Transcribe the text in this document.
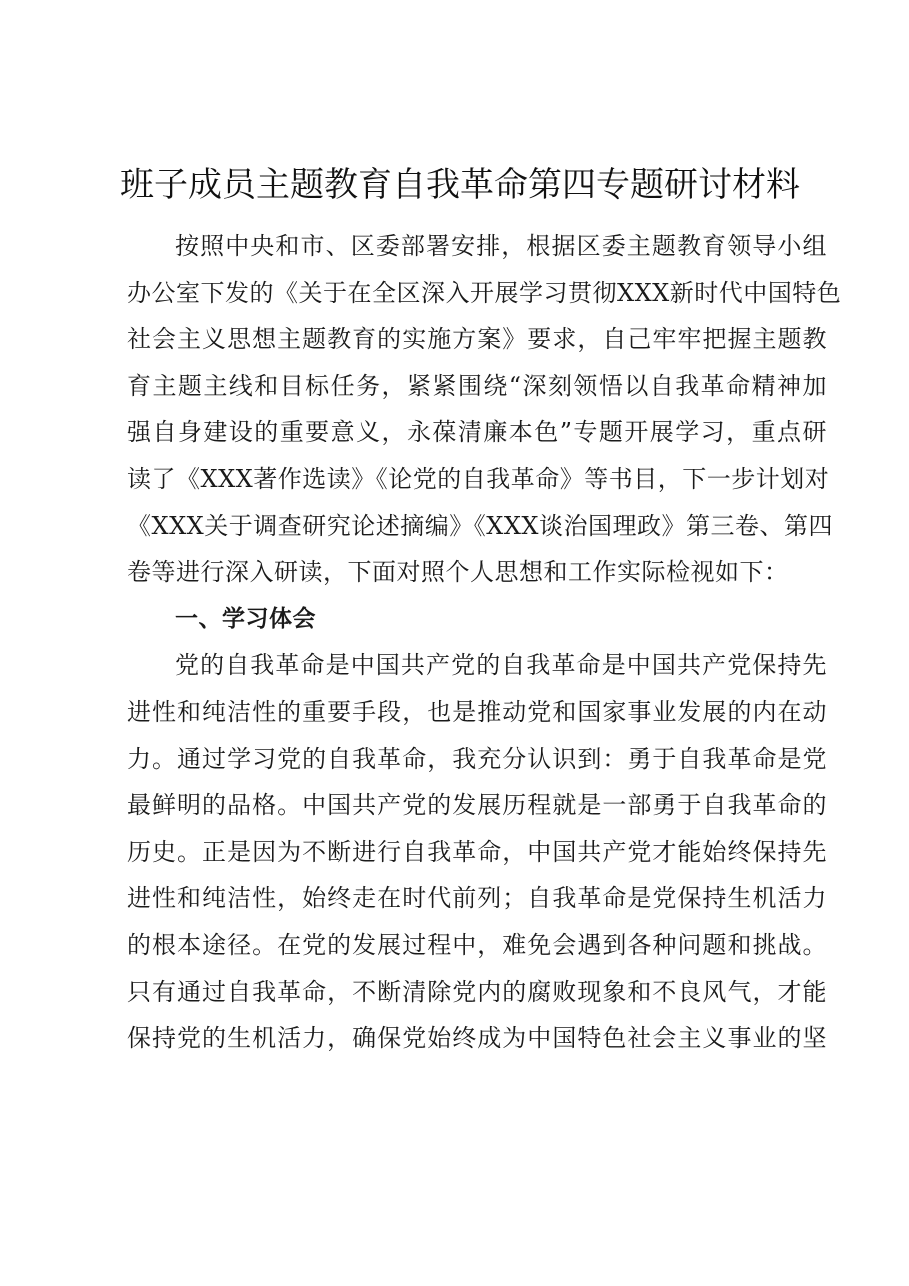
班子成员主题教育自我革命第四专题研讨材料
按照中央和市、区委部署安排，根据区委主题教育领导小组
办公室下发的《关于在全区深入开展学习贯彻XXX新时代中国特色
社会主义思想主题教育的实施方案》要求，自己牢牢把握主题教
育主题主线和目标任务，紧紧围绕“深刻领悟以自我革命精神加
强自身建设的重要意义，永葆清廉本色”专题开展学习，重点研
读了《XXX著作选读》《论党的自我革命》等书目，下一步计划对
《XXX关于调查研究论述摘编》《XXX谈治国理政》第三卷、第四
卷等进行深入研读，下面对照个人思想和工作实际检视如下：
一、学习体会
党的自我革命是中国共产党的自我革命是中国共产党保持先
进性和纯洁性的重要手段，也是推动党和国家事业发展的内在动
力。通过学习党的自我革命，我充分认识到：勇于自我革命是党
最鲜明的品格。中国共产党的发展历程就是一部勇于自我革命的
历史。正是因为不断进行自我革命，中国共产党才能始终保持先
进性和纯洁性，始终走在时代前列；自我革命是党保持生机活力
的根本途径。在党的发展过程中，难免会遇到各种问题和挑战。
只有通过自我革命，不断清除党内的腐败现象和不良风气，才能
保持党的生机活力，确保党始终成为中国特色社会主义事业的坚
